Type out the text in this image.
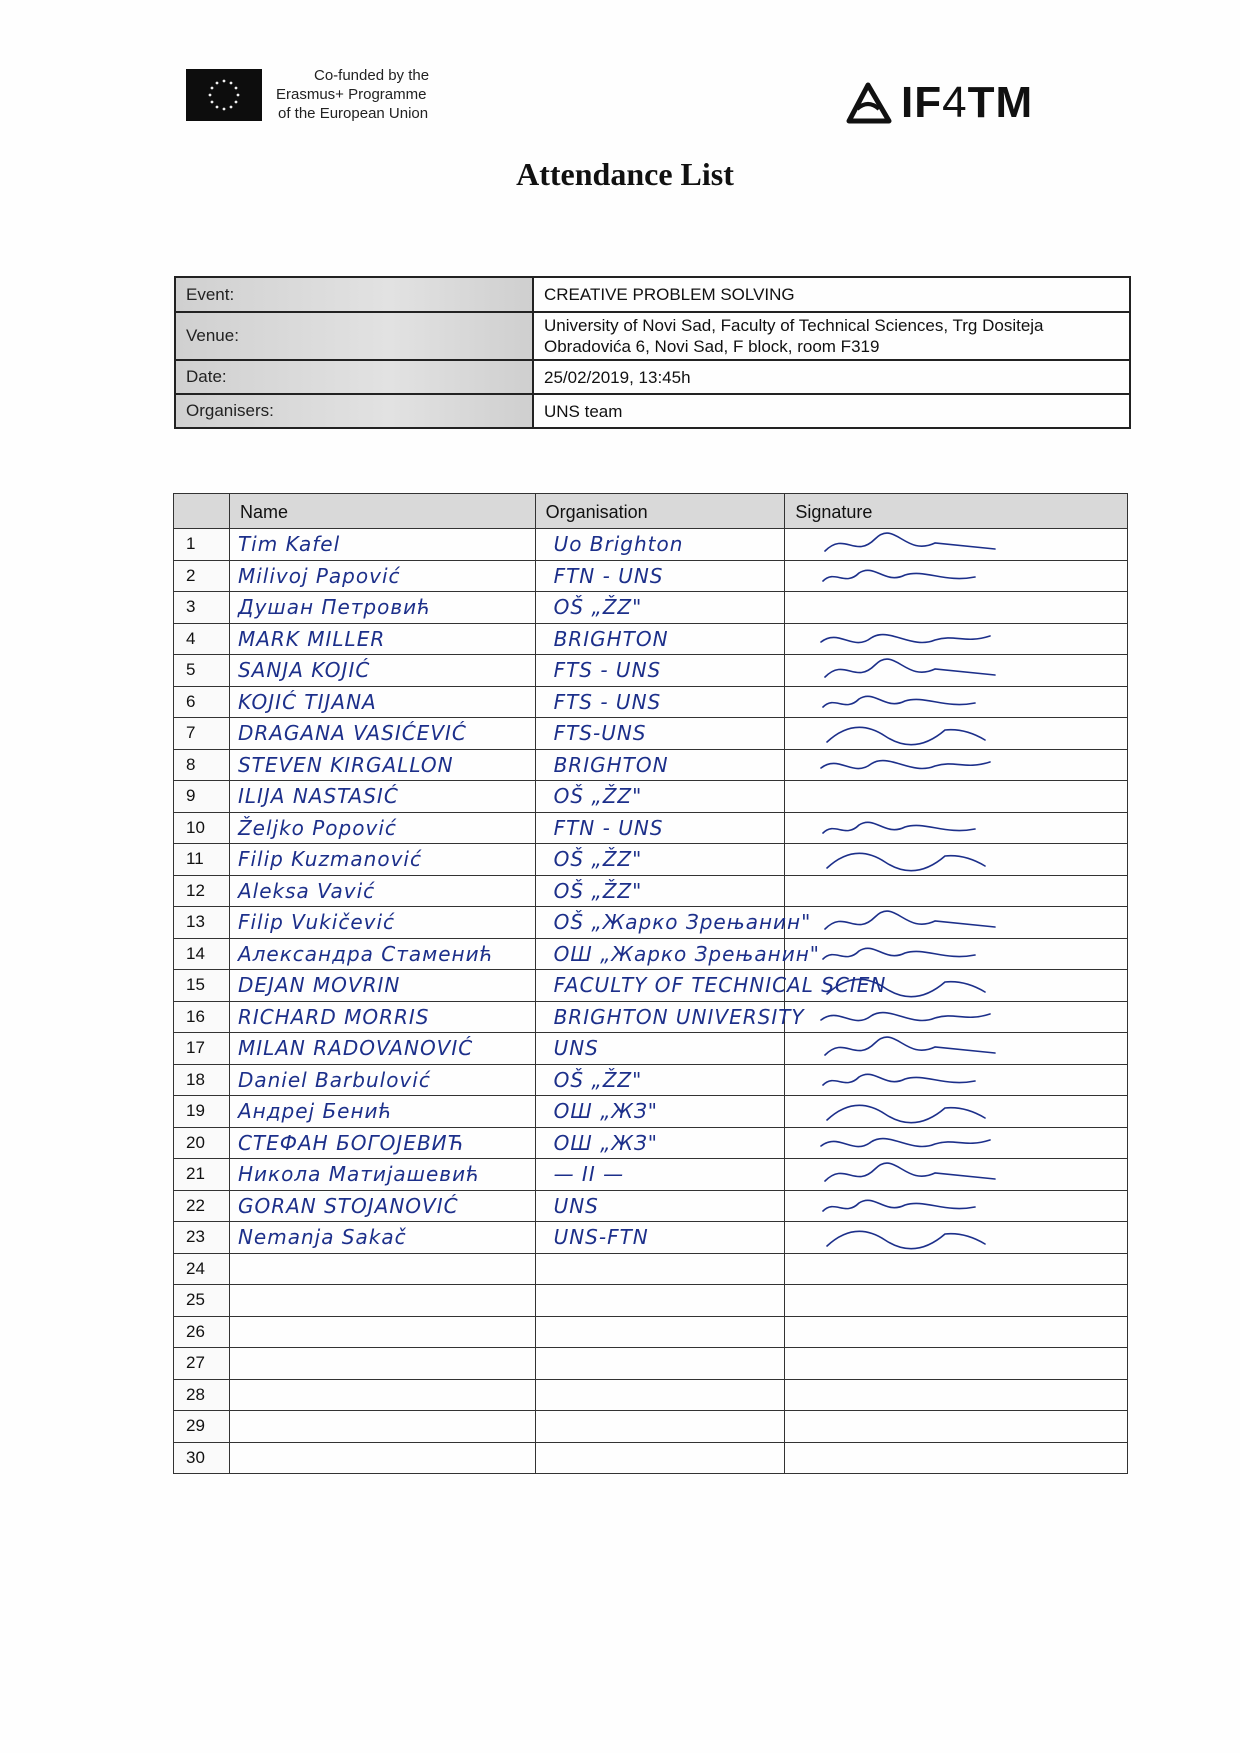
Co-funded by the
Erasmus+ Programme
of the European Union	IF4TM
Attendance List
Event:	CREATIVE PROBLEM SOLVING
Venue:	University of Novi Sad, Faculty of Technical Sciences, Trg Dositeja Obradovića 6, Novi Sad, F block, room F319
Date:	25/02/2019, 13:45h
Organisers:	UNS team
	Name	Organisation	Signature
1	Tim Kafel	Uo Brighton

2	Milivoj Papović	FTN - UNS

3	Душан Петровић	OŠ „ŽZ"	

4	MARK MILLER	BRIGHTON

5	SANJA KOJIĆ	FTS - UNS

6	KOJIĆ TIJANA	FTS - UNS

7	DRAGANA VASIĆEVIĆ	FTS-UNS

8	STEVEN KIRGALLON	BRIGHTON

9	ILIJA NASTASIĆ	OŠ „ŽZ"	

10	Željko Popović	FTN - UNS

11	Filip Kuzmanović	OŠ „ŽZ"

12	Aleksa Vavić	OŠ „ŽZ"	

13	Filip Vukičević	OŠ „Жарко Зрењанин"

14	Александра Стаменић	ОШ „Жарко Зрењанин"

15	DEJAN MOVRIN	FACULTY OF TECHNICAL SCIEN

16	RICHARD MORRIS	BRIGHTON UNIVERSITY

17	MILAN RADOVANOVIĆ	UNS

18	Daniel Barbulović	OŠ „ŽZ"

19	Андреј Бенић	ОШ „ЖЗ"

20	СТЕФАН БОГОЈЕВИЋ	ОШ „ЖЗ"

21	Никола Матијашевић	— II —

22	GORAN STOJANOVIĆ	UNS

23	Nemanja Sakač	UNS-FTN

24	

25	

26	

27	

28	

29	

30	
